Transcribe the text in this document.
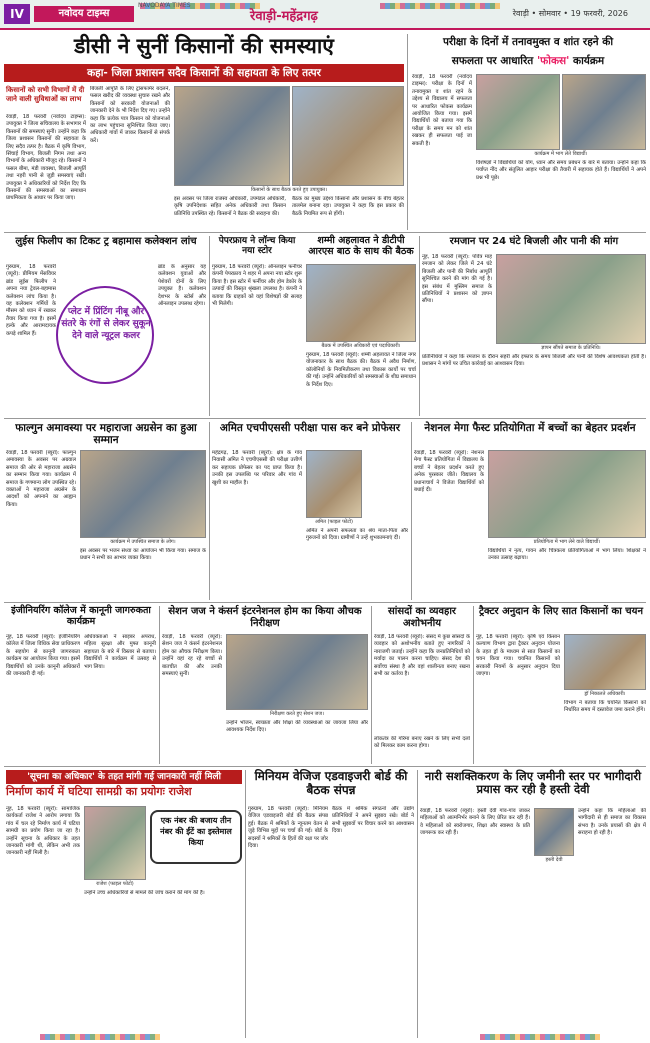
IV	नवोदय टाइम्स
NAVODAYA TIMES
रेवाड़ी-महेंद्रगढ़	रेवाड़ी • सोमवार • 19 फरवरी, 2026
डीसी ने सुनीं किसानों की समस्याएं
कहा- जिला प्रशासन सदैव किसानों की सहायता के लिए तत्पर
किसानों को सभी विभागों में दी जाने वाली सुविधाओं का लाभ
रेवाड़ी, 18 फरवरी (नवोदय टाइम्स): उपायुक्त ने जिला सचिवालय के सभागार में किसानों की समस्याएं सुनीं। उन्होंने कहा कि जिला प्रशासन किसानों की सहायता के लिए सदैव तत्पर है। बैठक में कृषि विभाग, सिंचाई विभाग, बिजली निगम तथा अन्य विभागों के अधिकारी मौजूद रहे। किसानों ने फसल बीमा, मंडी व्यवस्था, बिजली आपूर्ति तथा नहरी पानी से जुड़ी समस्याएं रखीं। उपायुक्त ने अधिकारियों को निर्देश दिए कि किसानों की समस्याओं का समाधान प्राथमिकता के आधार पर किया जाए।
बिजली आपूर्ति के लिए ट्रांसफार्मर बदलने, फसल खरीद की व्यवस्था सुचारु रखने और किसानों को सरकारी योजनाओं की जानकारी देने के भी निर्देश दिए गए। उन्होंने कहा कि प्रत्येक पात्र किसान को योजनाओं का लाभ पहुंचाना सुनिश्चित किया जाए। अधिकारी गांवों में जाकर किसानों से संपर्क करें।
किसानों के साथ बैठक करते हुए उपायुक्त।
इस अवसर पर जिला राजस्व अधिकारी, उपमंडल अधिकारी, कृषि उपनिदेशक सहित अनेक अधिकारी तथा किसान प्रतिनिधि उपस्थित रहे। किसानों ने बैठक की सराहना की।
बैठक का मुख्य उद्देश्य किसानों और प्रशासन के बीच बेहतर तालमेल बनाना रहा। उपायुक्त ने कहा कि इस प्रकार की बैठकें नियमित रूप से होंगी।
परीक्षा के दिनों में तनावमुक्त व शांत रहने की
सफलता पर आधारित 'फोकस' कार्यक्रम
रेवाड़ी, 18 फरवरी (नवोदय टाइम्स): परीक्षा के दिनों में तनावमुक्त व शांत रहने के उद्देश्य से विद्यालय में सफलता पर आधारित फोकस कार्यक्रम आयोजित किया गया। इसमें विद्यार्थियों को बताया गया कि परीक्षा के समय मन को शांत रखकर ही सफलता पाई जा सकती है।
कार्यक्रम में भाग लेते विद्यार्थी।
विशेषज्ञों ने विद्यार्थियों को योग, ध्यान और समय प्रबंधन के बारे में बताया। उन्होंने कहा कि पर्याप्त नींद और संतुलित आहार परीक्षा की तैयारी में सहायक होते हैं। विद्यार्थियों ने अपने प्रश्न भी पूछे।
लुईस फिलीप का टिकट ट्र बहामास कलेक्शन लांच
गुरुग्राम, 18 फरवरी (ब्यूरो): प्रीमियम मेंसवियर ब्रांड लुईस फिलीप ने अपना नया ट्रेवल-बहामास कलेक्शन लांच किया है। यह कलेक्शन गर्मियों के मौसम को ध्यान में रखकर तैयार किया गया है। इसमें हल्के और आरामदायक कपड़े शामिल हैं।
प्लेट में प्रिंटिंग नीबू और संतरे के रंगों से लेकर सुकून देने वाले न्यूट्रल कलर
ब्रांड के अनुसार यह कलेक्शन युवाओं और पेशेवरों दोनों के लिए उपयुक्त है। कलेक्शन देशभर के स्टोर्स और ऑनलाइन उपलब्ध रहेगा।
पेपरफ्राय ने लॉन्च किया नया स्टोर
गुरुग्राम, 18 फरवरी (ब्यूरो): ऑनलाइन फर्नीचर कंपनी पेपरफ्राय ने शहर में अपना नया स्टोर शुरू किया है। इस स्टोर में फर्नीचर और होम डेकोर के उत्पादों की विस्तृत श्रृंखला उपलब्ध है। कंपनी ने बताया कि ग्राहकों को यहां विशेषज्ञों की सलाह भी मिलेगी।
शम्मी अहलावत ने डीटीपी आरएस बाठ के साथ की बैठक
बैठक में उपस्थित अधिकारी एवं पदाधिकारी।
गुरुग्राम, 18 फरवरी (ब्यूरो): शम्मी अहलावत ने जिला नगर योजनाकार के साथ बैठक की। बैठक में अवैध निर्माण, कॉलोनियों के नियमितीकरण तथा विकास कार्यों पर चर्चा की गई। उन्होंने अधिकारियों को समस्याओं के शीघ्र समाधान के निर्देश दिए।
रमजान पर 24 घंटे बिजली और पानी की मांग
नूंह, 18 फरवरी (ब्यूरो): पवित्र माह रमजान को लेकर जिले में 24 घंटे बिजली और पानी की निर्बाध आपूर्ति सुनिश्चित करने की मांग की गई है। इस संबंध में मुस्लिम समाज के प्रतिनिधियों ने प्रशासन को ज्ञापन सौंपा।
ज्ञापन सौंपते समाज के प्रतिनिधि।
प्रतिनिधियों ने कहा कि रमजान के दौरान सहरी और इफ्तार के समय बिजली और पानी की विशेष आवश्यकता होती है। प्रशासन ने मांगों पर उचित कार्रवाई का आश्वासन दिया।
फाल्गुन अमावस्या पर महाराजा अग्रसेन का हुआ सम्मान
रेवाड़ी, 18 फरवरी (ब्यूरो): फाल्गुन अमावस्या के अवसर पर अग्रवाल समाज की ओर से महाराजा अग्रसेन का सम्मान किया गया। कार्यक्रम में समाज के गणमान्य लोग उपस्थित रहे। वक्ताओं ने महाराजा अग्रसेन के आदर्शों को अपनाने का आह्वान किया।
कार्यक्रम में उपस्थित समाज के लोग।
इस अवसर पर भजन संध्या का आयोजन भी किया गया। समाज के प्रधान ने सभी का आभार व्यक्त किया।
अमित एचपीएससी परीक्षा पास कर बने प्रोफेसर
महेंद्रगढ़, 18 फरवरी (ब्यूरो): क्षेत्र के गांव निवासी अमित ने एचपीएससी की परीक्षा उत्तीर्ण कर सहायक प्रोफेसर का पद प्राप्त किया है। उनकी इस उपलब्धि पर परिवार और गांव में खुशी का माहौल है।
अमित (फाइल फोटो)
अमित ने अपनी सफलता का श्रेय माता-पिता और गुरुजनों को दिया। ग्रामीणों ने उन्हें शुभकामनाएं दीं।
नेशनल मेगा फैस्ट प्रतियोगिता में बच्चों का बेहतर प्रदर्शन
रेवाड़ी, 18 फरवरी (ब्यूरो): नेशनल मेगा फैस्ट प्रतियोगिता में विद्यालय के बच्चों ने बेहतर प्रदर्शन करते हुए अनेक पुरस्कार जीते। विद्यालय के प्रधानाचार्य ने विजेता विद्यार्थियों को बधाई दी।
प्रतियोगिता में भाग लेने वाले विद्यार्थी।
विद्यार्थियों ने नृत्य, गायन और चित्रकला प्रतियोगिताओं में भाग लिया। शिक्षकों ने उनका उत्साह बढ़ाया।
इंजीनियरिंग कॉलेज में कानूनी जागरुकता कार्यक्रम
नूंह, 18 फरवरी (ब्यूरो): इंजीनियरिंग कॉलेज में जिला विधिक सेवा प्राधिकरण के सहयोग से कानूनी जागरुकता कार्यक्रम का आयोजन किया गया। इसमें विद्यार्थियों को उनके कानूनी अधिकारों की जानकारी दी गई।
अधिवक्ताओं ने साइबर अपराध, महिला सुरक्षा और मुफ्त कानूनी सहायता के बारे में विस्तार से बताया। विद्यार्थियों ने कार्यक्रम में उत्साह से भाग लिया।
सेशन जज ने कंसर्न इंटरनेशनल होम का किया औचक निरीक्षण
रेवाड़ी, 18 फरवरी (ब्यूरो): सेशन जज ने कंसर्न इंटरनेशनल होम का औचक निरीक्षण किया। उन्होंने वहां रह रहे बच्चों से बातचीत की और उनकी समस्याएं सुनीं।
निरीक्षण करते हुए सेशन जज।
उन्होंने भोजन, स्वच्छता और शिक्षा की व्यवस्थाओं का जायजा लिया और आवश्यक निर्देश दिए।
सांसदों का व्यवहार अशोभनीय
रेवाड़ी, 18 फरवरी (ब्यूरो): संसद में कुछ सांसदों के व्यवहार को अशोभनीय बताते हुए नागरिकों ने नाराजगी जताई। उन्होंने कहा कि जनप्रतिनिधियों को मर्यादा का पालन करना चाहिए। संसद देश की सर्वोच्च संस्था है और वहां शालीनता बनाए रखना सभी का कर्तव्य है।
लोकतंत्र की गरिमा बनाए रखने के लिए सभी दलों को मिलकर काम करना होगा।
ट्रैक्टर अनुदान के लिए सात किसानों का चयन
नूंह, 18 फरवरी (ब्यूरो): कृषि एवं किसान कल्याण विभाग द्वारा ट्रैक्टर अनुदान योजना के तहत ड्रॉ के माध्यम से सात किसानों का चयन किया गया। चयनित किसानों को सरकारी नियमों के अनुसार अनुदान दिया जाएगा।
ड्रॉ निकालते अधिकारी।
विभाग ने बताया कि चयनित किसानों को निर्धारित समय में दस्तावेज जमा कराने होंगे।
'सूचना का अधिकार' के तहत मांगी गई जानकारी नहीं मिली
निर्माण कार्य में घटिया सामग्री का प्रयोगः राजेश
नूंह, 18 फरवरी (ब्यूरो): सामाजिक कार्यकर्ता राजेश ने आरोप लगाया कि गांव में चल रहे निर्माण कार्य में घटिया सामग्री का प्रयोग किया जा रहा है। उन्होंने सूचना के अधिकार के तहत जानकारी मांगी थी, लेकिन अभी तक जानकारी नहीं मिली है।
एक नंबर की बजाय तीन नंबर की ईंटें का इस्तेमाल किया
राजेश (फाइल फोटो)
उन्होंने उच्च अधिकारियों से मामले की जांच कराने की मांग की है।
मिनियम वेजिज एडवाइजरी बोर्ड की बैठक संपन्न
गुरुग्राम, 18 फरवरी (ब्यूरो): मिनियम वेजिज एडवाइजरी बोर्ड की बैठक संपन्न हुई। बैठक में श्रमिकों के न्यूनतम वेतन से जुड़े विभिन्न मुद्दों पर चर्चा की गई। बोर्ड के सदस्यों ने श्रमिकों के हितों की रक्षा पर जोर दिया।
बैठक में श्रमिक संगठनों और उद्योग प्रतिनिधियों ने अपने सुझाव रखे। बोर्ड ने सभी सुझावों पर विचार करने का आश्वासन दिया।
नारी सशक्तिकरण के लिए जमीनी स्तर पर भागीदारी प्रयास कर रही है हस्ती देवी
रेवाड़ी, 18 फरवरी (ब्यूरो): हस्ती देवी गांव-गांव जाकर महिलाओं को आत्मनिर्भर बनाने के लिए प्रेरित कर रही हैं। वे महिलाओं को स्वरोजगार, शिक्षा और स्वास्थ्य के प्रति जागरूक कर रही हैं।
हस्ती देवी
उन्होंने कहा कि महिलाओं की भागीदारी से ही समाज का विकास संभव है। उनके प्रयासों की क्षेत्र में सराहना हो रही है।
